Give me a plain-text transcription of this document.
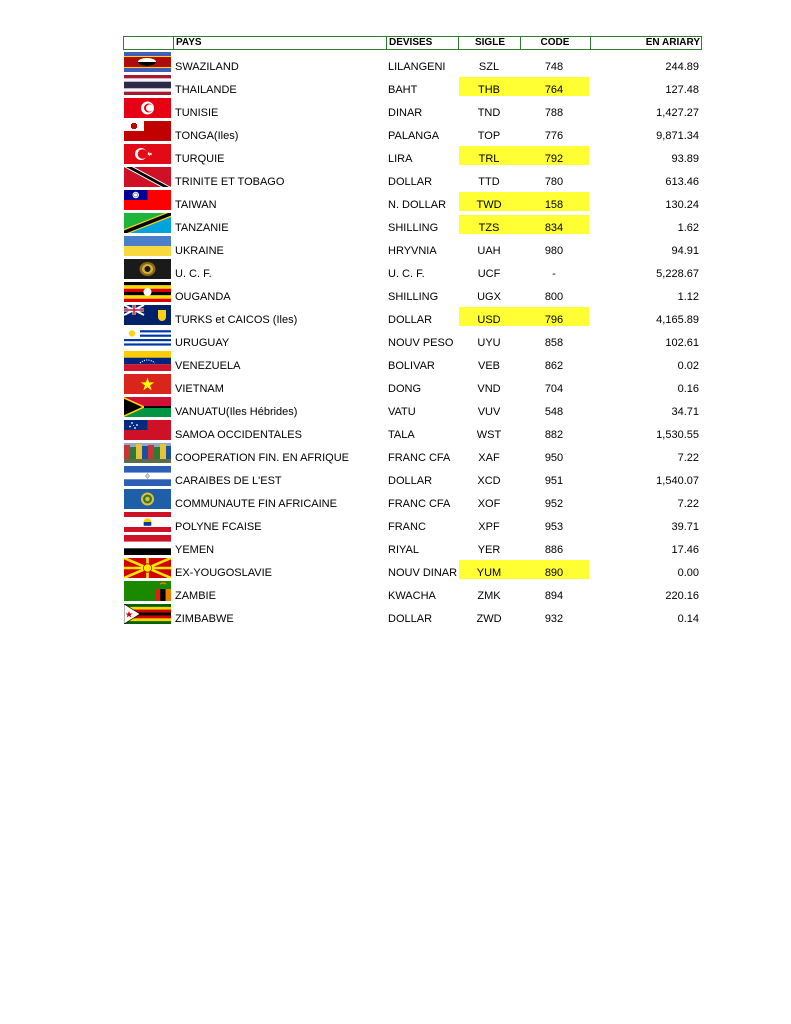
PAYS	DEVISES	SIGLE	CODE	EN ARIARY
SWAZILAND	LILANGENI	SZL	748	244.89
THAILANDE	BAHT	THB	764	127.48
TUNISIE	DINAR	TND	788	1,427.27
TONGA(Iles)	PALANGA	TOP	776	9,871.34
TURQUIE	LIRA	TRL	792	93.89
TRINITE ET TOBAGO	DOLLAR	TTD	780	613.46
TAIWAN	N. DOLLAR	TWD	158	130.24
TANZANIE	SHILLING	TZS	834	1.62
UKRAINE	HRYVNIA	UAH	980	94.91
U. C. F.	U. C. F.	UCF	-	5,228.67
OUGANDA	SHILLING	UGX	800	1.12
TURKS et CAICOS (Iles)	DOLLAR	USD	796	4,165.89
URUGUAY	NOUV PESO	UYU	858	102.61
VENEZUELA	BOLIVAR	VEB	862	0.02
VIETNAM	DONG	VND	704	0.16
VANUATU(Iles Hébrides)	VATU	VUV	548	34.71
SAMOA OCCIDENTALES	TALA	WST	882	1,530.55
COOPERATION FIN. EN AFRIQUE	FRANC CFA	XAF	950	7.22
CARAIBES DE L'EST	DOLLAR	XCD	951	1,540.07
COMMUNAUTE FIN AFRICAINE	FRANC CFA	XOF	952	7.22
POLYNE FCAISE	FRANC	XPF	953	39.71
YEMEN	RIYAL	YER	886	17.46
EX-YOUGOSLAVIE	NOUV DINAR	YUM	890	0.00
ZAMBIE	KWACHA	ZMK	894	220.16
ZIMBABWE	DOLLAR	ZWD	932	0.14
